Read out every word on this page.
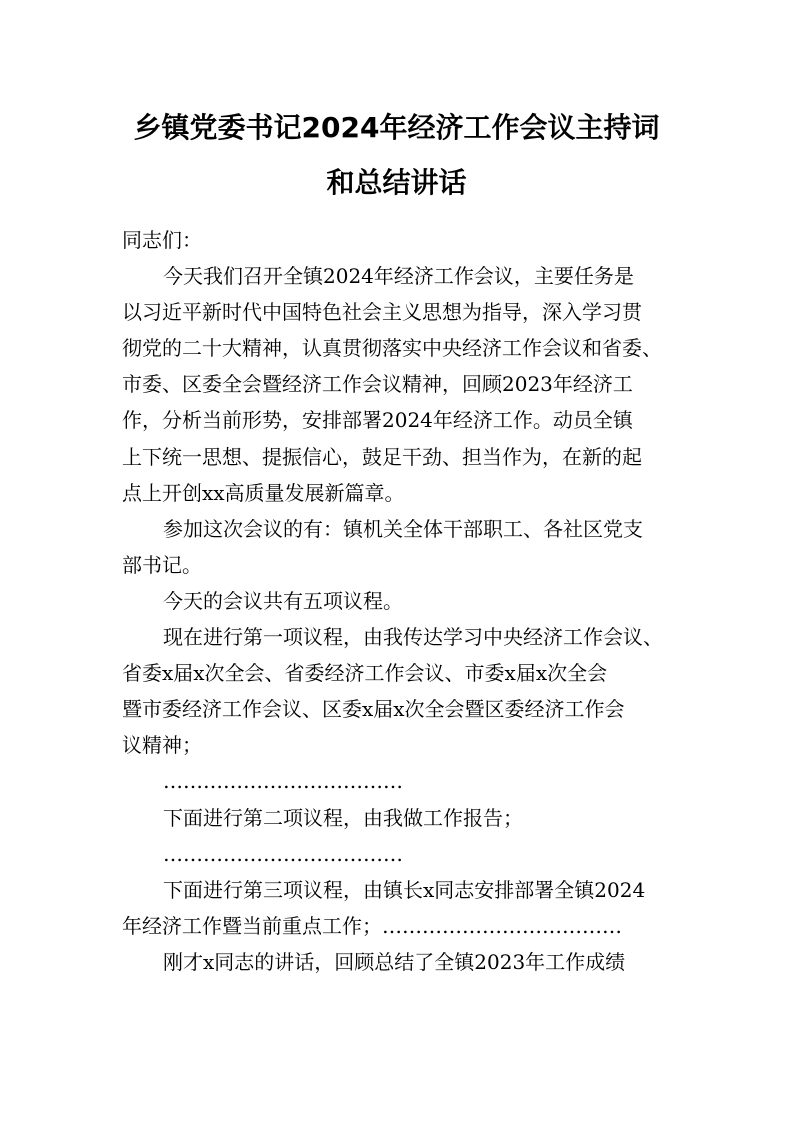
乡镇党委书记2024年经济工作会议主持词
和总结讲话
同志们：
今天我们召开全镇2024年经济工作会议，主要任务是
以习近平新时代中国特色社会主义思想为指导，深入学习贯
彻党的二十大精神，认真贯彻落实中央经济工作会议和省委、
市委、区委全会暨经济工作会议精神，回顾2023年经济工
作，分析当前形势，安排部署2024年经济工作。动员全镇
上下统一思想、提振信心，鼓足干劲、担当作为，在新的起
点上开创xx高质量发展新篇章。
参加这次会议的有：镇机关全体干部职工、各社区党支
部书记。
今天的会议共有五项议程。
现在进行第一项议程，由我传达学习中央经济工作会议、
省委x届x次全会、省委经济工作会议、市委x届x次全会
暨市委经济工作会议、区委x届x次全会暨区委经济工作会
议精神；
………………………………
下面进行第二项议程，由我做工作报告；
………………………………
下面进行第三项议程，由镇长x同志安排部署全镇2024
年经济工作暨当前重点工作；………………………………
刚才x同志的讲话，回顾总结了全镇2023年工作成绩
